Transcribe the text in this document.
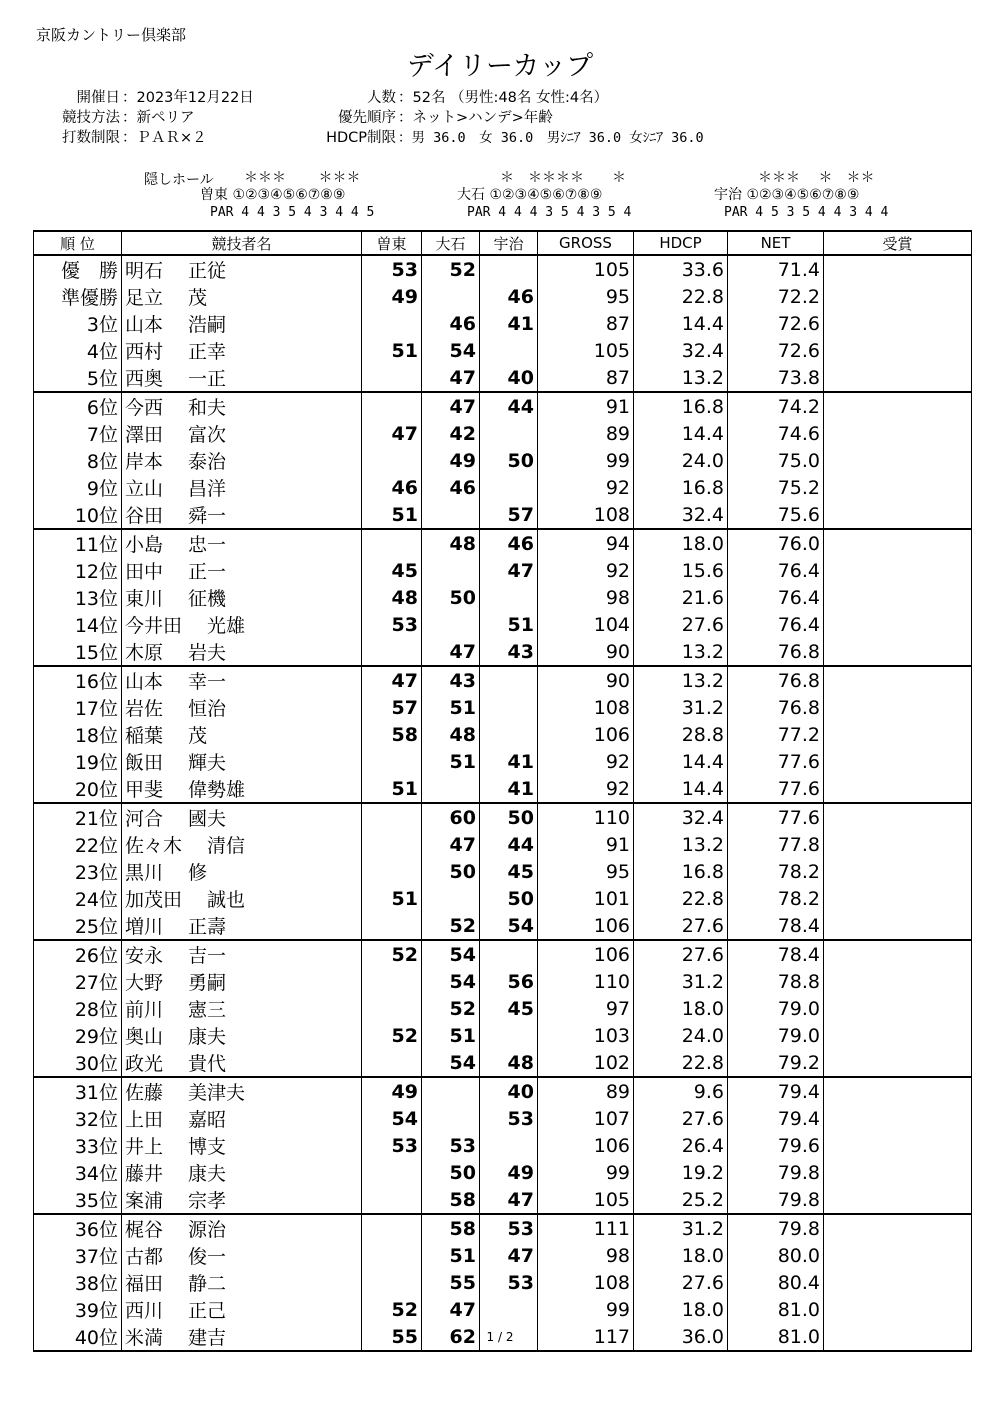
京阪カントリー倶楽部
デイリーカップ
開催日 ：2023年12月22日
競技方法 ：新ペリア
打数制限 ：ＰＡＲ×２
人数 ：52名 （男性:48名 女性:4名）
優先順序 ：ネット>ハンデ>年齢
HDCP制限 ：男 36.0　女 36.0　男ｼﾆｱ 36.0 女ｼﾆｱ 36.0
隠しホール ＊＊＊　 　＊＊＊
曽東 ①②③④⑤⑥⑦⑧⑨
PAR 4 4 3 5 4 3 4 4 5
＊　＊＊＊＊　　＊
大石 ①②③④⑤⑥⑦⑧⑨
PAR 4 4 4 3 5 4 3 5 4
＊＊＊　 ＊　＊＊
宇治 ①②③④⑤⑥⑦⑧⑨
PAR 4 5 3 5 4 4 3 4 4
順 位	競技者名	曽東	大石	宇治	GROSS	HDCP	NET	受賞
優　勝	明石　 正従	53	52		105	33.6	71.4	
準優勝	足立　 茂	49		46	95	22.8	72.2	
3位	山本　 浩嗣		46	41	87	14.4	72.6	
4位	西村　 正幸	51	54		105	32.4	72.6	
5位	西奥　 一正		47	40	87	13.2	73.8	
6位	今西　 和夫		47	44	91	16.8	74.2	
7位	澤田　 富次	47	42		89	14.4	74.6	
8位	岸本　 泰治		49	50	99	24.0	75.0	
9位	立山　 昌洋	46	46		92	16.8	75.2	
10位	谷田　 舜一	51		57	108	32.4	75.6	
11位	小島　 忠一		48	46	94	18.0	76.0	
12位	田中　 正一	45		47	92	15.6	76.4	
13位	東川　 征機	48	50		98	21.6	76.4	
14位	今井田　 光雄	53		51	104	27.6	76.4	
15位	木原　 岩夫		47	43	90	13.2	76.8	
16位	山本　 幸一	47	43		90	13.2	76.8	
17位	岩佐　 恒治	57	51		108	31.2	76.8	
18位	稲葉　 茂	58	48		106	28.8	77.2	
19位	飯田　 輝夫		51	41	92	14.4	77.6	
20位	甲斐　 偉勢雄	51		41	92	14.4	77.6	
21位	河合　 國夫		60	50	110	32.4	77.6	
22位	佐々木　 清信		47	44	91	13.2	77.8	
23位	黒川　 修		50	45	95	16.8	78.2	
24位	加茂田　 誠也	51		50	101	22.8	78.2	
25位	増川　 正壽		52	54	106	27.6	78.4	
26位	安永　 吉一	52	54		106	27.6	78.4	
27位	大野　 勇嗣		54	56	110	31.2	78.8	
28位	前川　 憲三		52	45	97	18.0	79.0	
29位	奥山　 康夫	52	51		103	24.0	79.0	
30位	政光　 貴代		54	48	102	22.8	79.2	
31位	佐藤　 美津夫	49		40	89	9.6	79.4	
32位	上田　 嘉昭	54		53	107	27.6	79.4	
33位	井上　 博支	53	53		106	26.4	79.6	
34位	藤井　 康夫		50	49	99	19.2	79.8	
35位	案浦　 宗孝		58	47	105	25.2	79.8	
36位	梶谷　 源治		58	53	111	31.2	79.8	
37位	古都　 俊一		51	47	98	18.0	80.0	
38位	福田　 静二		55	53	108	27.6	80.4	
39位	西川　 正己	52	47		99	18.0	81.0	
40位	米満　 建吉	55	62		117	36.0	81.0	
1 / 2
